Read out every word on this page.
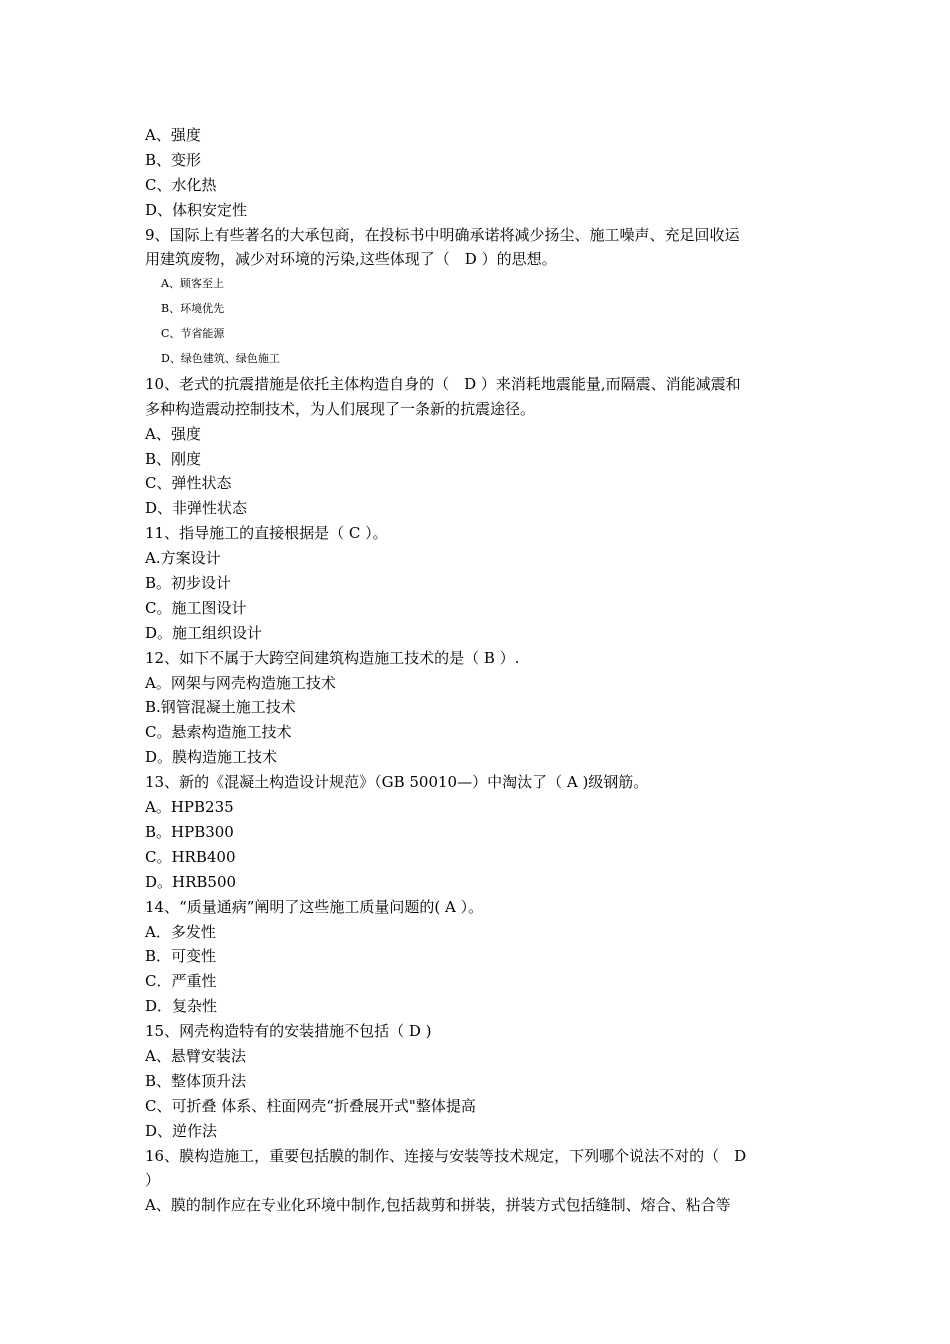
A、强度
B、变形
C、水化热
D、体积安定性
9、国际上有些著名的大承包商，在投标书中明确承诺将减少扬尘、施工噪声、充足回收运
用建筑废物，减少对环境的污染,这些体现了（　D ）的思想。
A、顾客至上
B、环境优先
C、节省能源
D、绿色建筑、绿色施工
10、老式的抗震措施是依托主体构造自身的（　D ）来消耗地震能量,而隔震、消能减震和
多种构造震动控制技术，为人们展现了一条新的抗震途径。
A、强度
B、刚度
C、弹性状态
D、非弹性状态
11、指导施工的直接根据是（ C ）。
A.方案设计
B。初步设计
C。施工图设计
D。施工组织设计
12、如下不属于大跨空间建筑构造施工技术的是（ B ）.
A。网架与网壳构造施工技术
B.钢管混凝土施工技术
C。悬索构造施工技术
D。膜构造施工技术
13、新的《混凝土构造设计规范》（GB 50010—）中淘汰了（ A )级钢筋。
A。HPB235
B。HPB300
C。HRB400
D。HRB500
14、“质量通病”阐明了这些施工质量问题的( A ）。
A．多发性
B．可变性
C．严重性
D．复杂性
15、网壳构造特有的安装措施不包括（ D )
A、悬臂安装法
B、整体顶升法
C、可折叠 体系、柱面网壳“折叠展开式"整体提高
D、逆作法
16、膜构造施工，重要包括膜的制作、连接与安装等技术规定，下列哪个说法不对的（　D
）
A、膜的制作应在专业化环境中制作,包括裁剪和拼装，拼装方式包括缝制、熔合、粘合等
